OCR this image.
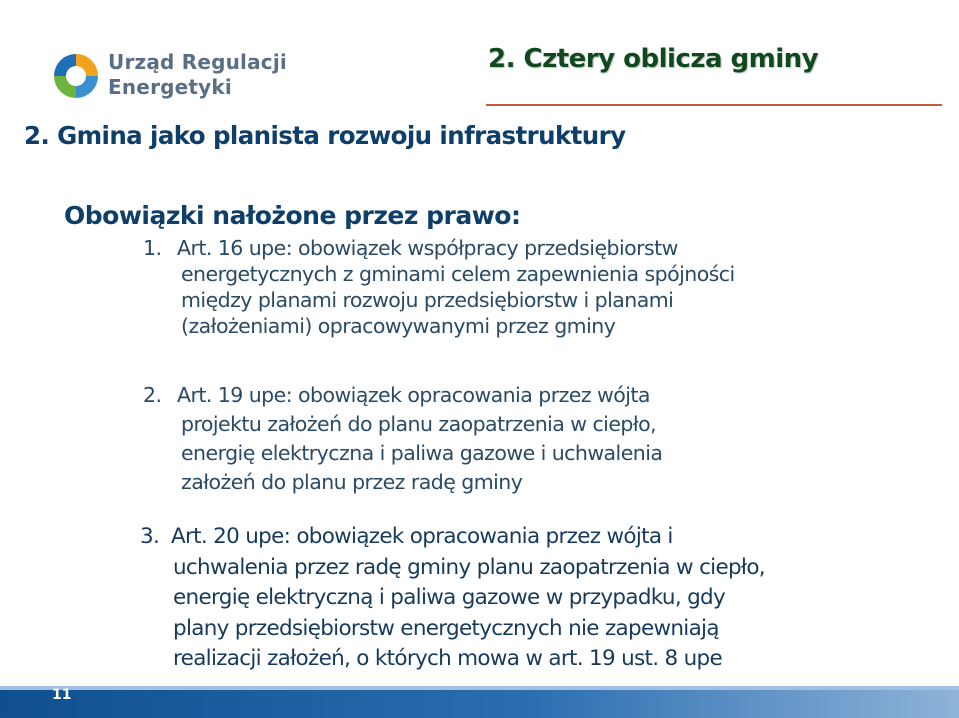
Urząd Regulacji
Energetyki
2. Cztery oblicza gminy
2. Gmina jako planista rozwoju infrastruktury
Obowiązki nałożone przez prawo:
1. Art. 16 upe: obowiązek współpracy przedsiębiorstw
energetycznych z gminami celem zapewnienia spójności
między planami rozwoju przedsiębiorstw i planami
(założeniami) opracowywanymi przez gminy
2. Art. 19 upe: obowiązek opracowania przez wójta
projektu założeń do planu zaopatrzenia w ciepło,
energię elektryczna i paliwa gazowe i uchwalenia
założeń do planu przez radę gminy
3. Art. 20 upe: obowiązek opracowania przez wójta i
uchwalenia przez radę gminy planu zaopatrzenia w ciepło,
energię elektryczną i paliwa gazowe w przypadku, gdy
plany przedsiębiorstw energetycznych nie zapewniają
realizacji założeń, o których mowa w art. 19 ust. 8 upe
11
